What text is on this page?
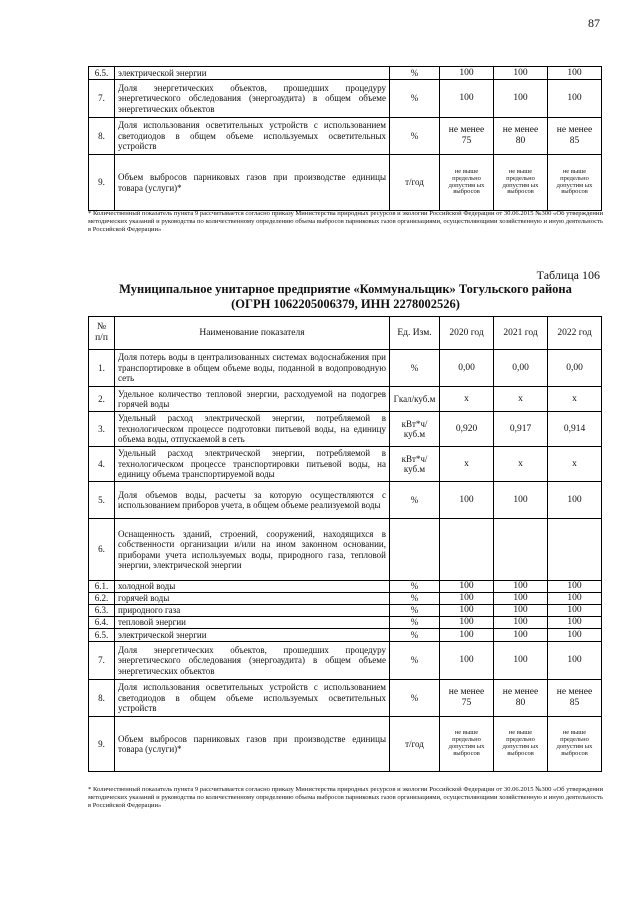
87
6.5.	электрической энергии	%	100	100	100
7.	Доля энергетических объектов, прошедших процедуру энергетического обследования (энергоаудита) в общем объеме энергетических объектов	%	100	100	100
8.	Доля использования осветительных устройств с использованием светодиодов в общем объеме используемых осветительных устройств	%	не менее 75	не менее 80	не менее 85
9.	Объем выбросов парниковых газов при производстве единицы товара (услуги)*	т/год	не выше предельно допустим ых выбросов	не выше предельно допустим ых выбросов	не выше предельно допустим ых выбросов
* Количественный показатель пункта 9 рассчитывается согласно приказу Министерства природных ресурсов и экологии Российской Федерации от 30.06.2015 №300 «Об утверждении методических указаний и руководства по количественному определению объема выбросов парниковых газов организациями, осуществляющими хозяйственную и иную деятельность в Российской Федерации»
Таблица 106
Муниципальное унитарное предприятие «Коммунальщик» Тогульского района
(ОГРН 1062205006379, ИНН 2278002526)
№ п/п	Наименование показателя	Ед. Изм.	2020 год	2021 год	2022 год
1.	Доля потерь воды в централизованных системах водоснабжения при транспортировке в общем объеме воды, поданной в водопроводную сеть	%	0,00	0,00	0,00
2.	Удельное количество тепловой энергии, расходуемой на подогрев горячей воды	Гкал/куб.м	х	х	х
3.	Удельный расход электрической энергии, потребляемой в технологическом процессе подготовки питьевой воды, на единицу объема воды, отпускаемой в сеть	кВт*ч/куб.м	0,920	0,917	0,914
4.	Удельный расход электрической энергии, потребляемой в технологическом процессе транспортировки питьевой воды, на единицу объема транспортируемой воды	кВт*ч/куб.м	х	х	х
5.	Доля объемов воды, расчеты за которую осуществляются с использованием приборов учета, в общем объеме реализуемой воды	%	100	100	100
6.	Оснащенность зданий, строений, сооружений, находящихся в собственности организации и/или на ином законном основании, приборами учета используемых воды, природного газа, тепловой энергии, электрической энергии				
6.1.	холодной воды	%	100	100	100
6.2.	горячей воды	%	100	100	100
6.3.	природного газа	%	100	100	100
6.4.	тепловой энергии	%	100	100	100
6.5.	электрической энергии	%	100	100	100
7.	Доля энергетических объектов, прошедших процедуру энергетического обследования (энергоаудита) в общем объеме энергетических объектов	%	100	100	100
8.	Доля использования осветительных устройств с использованием светодиодов в общем объеме используемых осветительных устройств	%	не менее 75	не менее 80	не менее 85
9.	Объем выбросов парниковых газов при производстве единицы товара (услуги)*	т/год	не выше предельно допустим ых выбросов	не выше предельно допустим ых выбросов	не выше предельно допустим ых выбросов
* Количественный показатель пункта 9 рассчитывается согласно приказу Министерства природных ресурсов и экологии Российской Федерации от 30.06.2015 №300 «Об утверждении методических указаний и руководства по количественному определению объема выбросов парниковых газов организациями, осуществляющими хозяйственную и иную деятельность в Российской Федерации»
